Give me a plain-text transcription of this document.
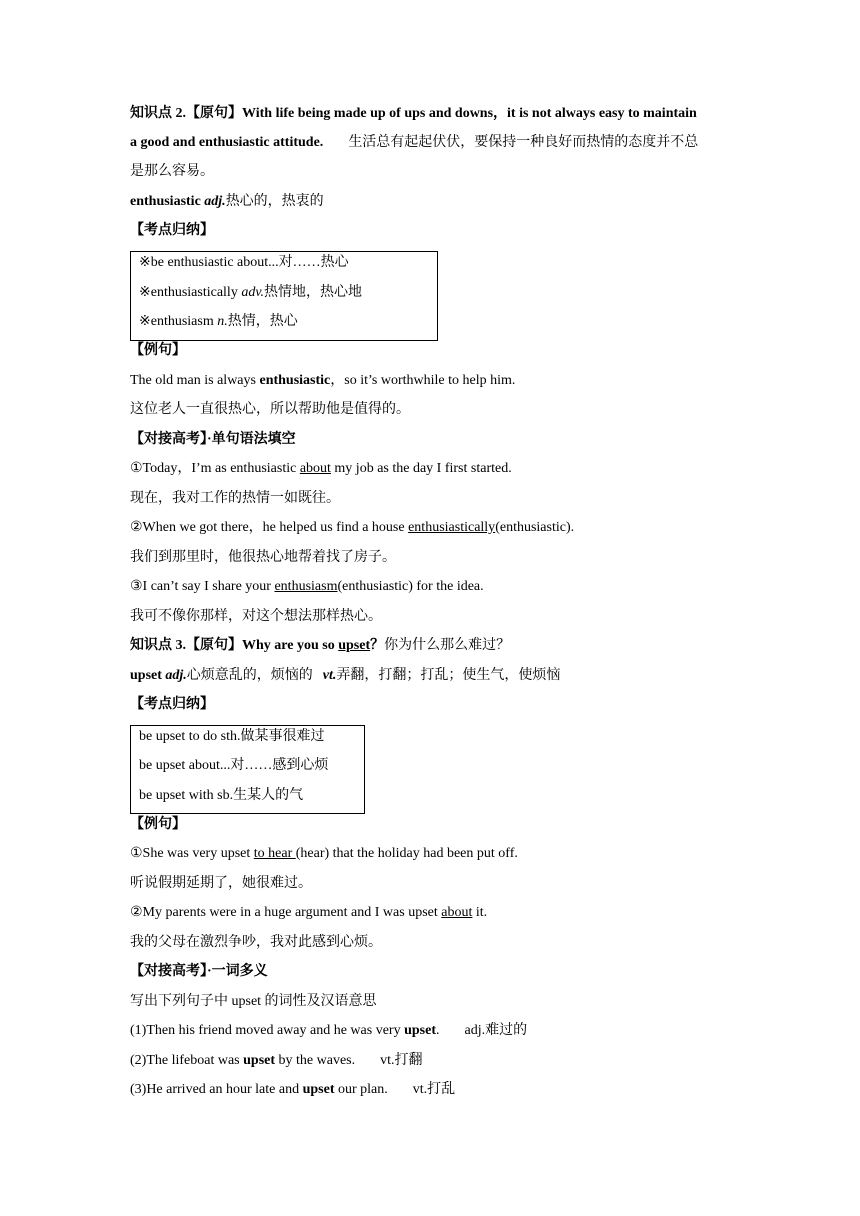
知识点 2.【原句】With life being made up of ups and downs，it is not always easy to maintain
a good and enthusiastic attitude. 生活总有起起伏伏，要保持一种良好而热情的态度并不总
是那么容易。
enthusiastic adj.热心的，热衷的
【考点归纳】
※be enthusiastic about...对……热心
※enthusiastically adv.热情地，热心地
※enthusiasm n.热情，热心
【例句】
The old man is always enthusiastic，so it’s worthwhile to help him.
这位老人一直很热心，所以帮助他是值得的。
【对接高考】·单句语法填空
①Today，I’m as enthusiastic about my job as the day I first started.
现在，我对工作的热情一如既往。
②When we got there，he helped us find a house enthusiastically(enthusiastic).
我们到那里时，他很热心地帮着找了房子。
③I can’t say I share your enthusiasm(enthusiastic) for the idea.
我可不像你那样，对这个想法那样热心。
知识点 3.【原句】Why are you so upset？你为什么那么难过？
upset adj.心烦意乱的，烦恼的 vt.弄翻，打翻；打乱；使生气，使烦恼
【考点归纳】
be upset to do sth.做某事很难过
be upset about...对……感到心烦
be upset with sb.生某人的气
【例句】
①She was very upset to hear (hear) that the holiday had been put off.
听说假期延期了，她很难过。
②My parents were in a huge argument and I was upset about it.
我的父母在激烈争吵，我对此感到心烦。
【对接高考】·一词多义
写出下列句子中 upset 的词性及汉语意思
(1)Then his friend moved away and he was very upset. adj.难过的
(2)The lifeboat was upset by the waves. vt.打翻
(3)He arrived an hour late and upset our plan. vt.打乱
